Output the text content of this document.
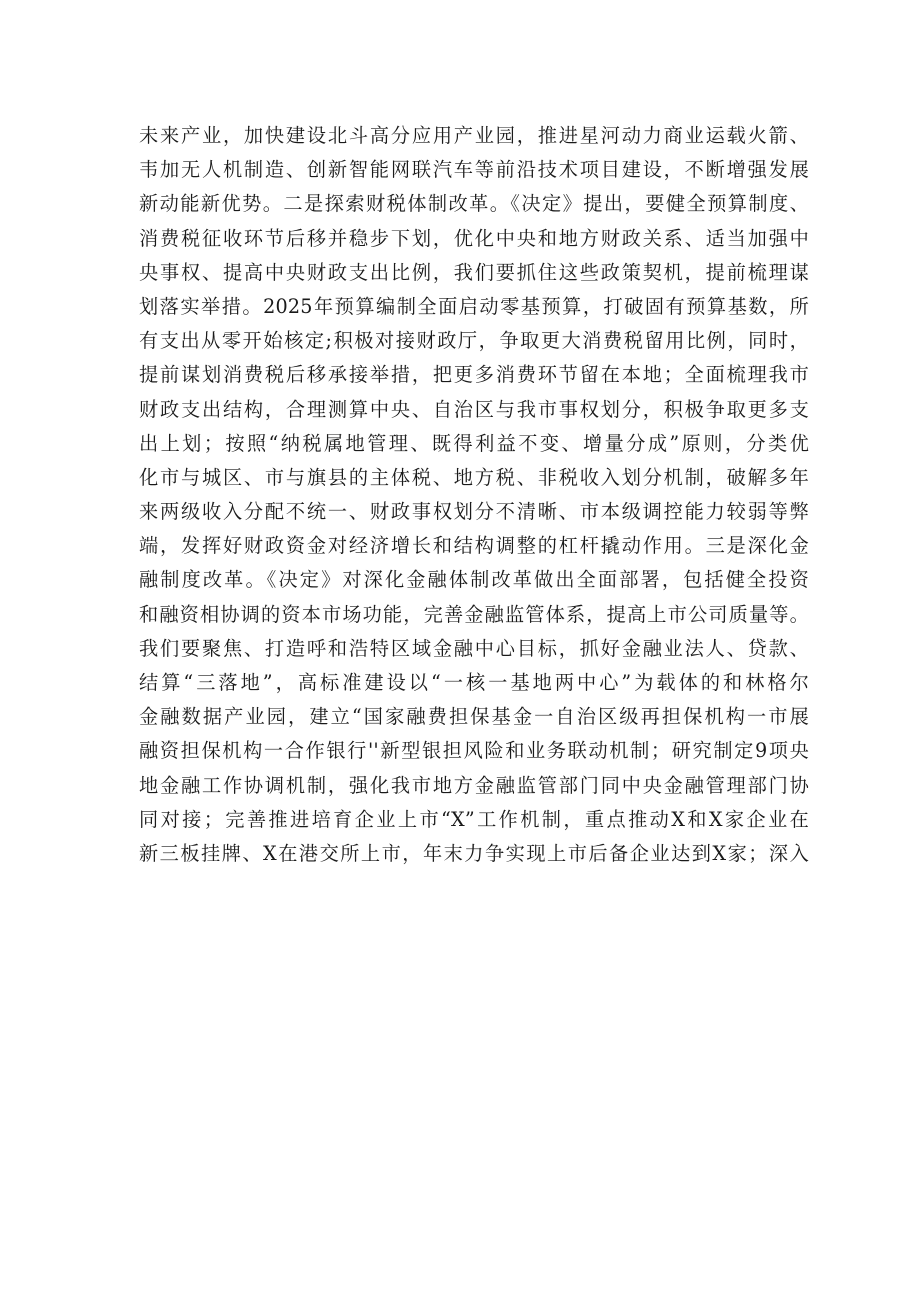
未来产业，加快建设北斗高分应用产业园，推进星河动力商业运载火箭、
韦加无人机制造、创新智能网联汽车等前沿技术项目建设，不断增强发展
新动能新优势。二是探索财税体制改革。《决定》提出，要健全预算制度、
消费税征收环节后移并稳步下划，优化中央和地方财政关系、适当加强中
央事权、提高中央财政支出比例，我们要抓住这些政策契机，提前梳理谋
划落实举措。2025年预算编制全面启动零基预算，打破固有预算基数，所
有支出从零开始核定;积极对接财政厅，争取更大消费税留用比例，同时，
提前谋划消费税后移承接举措，把更多消费环节留在本地；全面梳理我市
财政支出结构，合理测算中央、自治区与我市事权划分，积极争取更多支
出上划；按照“纳税属地管理、既得利益不变、增量分成”原则，分类优
化市与城区、市与旗县的主体税、地方税、非税收入划分机制，破解多年
来两级收入分配不统一、财政事权划分不清晰、市本级调控能力较弱等弊
端，发挥好财政资金对经济增长和结构调整的杠杆撬动作用。三是深化金
融制度改革。《决定》对深化金融体制改革做出全面部署，包括健全投资
和融资相协调的资本市场功能，完善金融监管体系，提高上市公司质量等。
我们要聚焦、打造呼和浩特区域金融中心目标，抓好金融业法人、贷款、
结算“三落地”，高标准建设以“一核一基地两中心”为载体的和林格尔
金融数据产业园，建立“国家融费担保基金一自治区级再担保机构一市展
融资担保机构一合作银行''新型银担风险和业务联动机制；研究制定9项央
地金融工作协调机制，强化我市地方金融监管部门同中央金融管理部门协
同对接；完善推进培育企业上市“X”工作机制，重点推动X和X家企业在
新三板挂牌、X在港交所上市，年末力争实现上市后备企业达到X家；深入
